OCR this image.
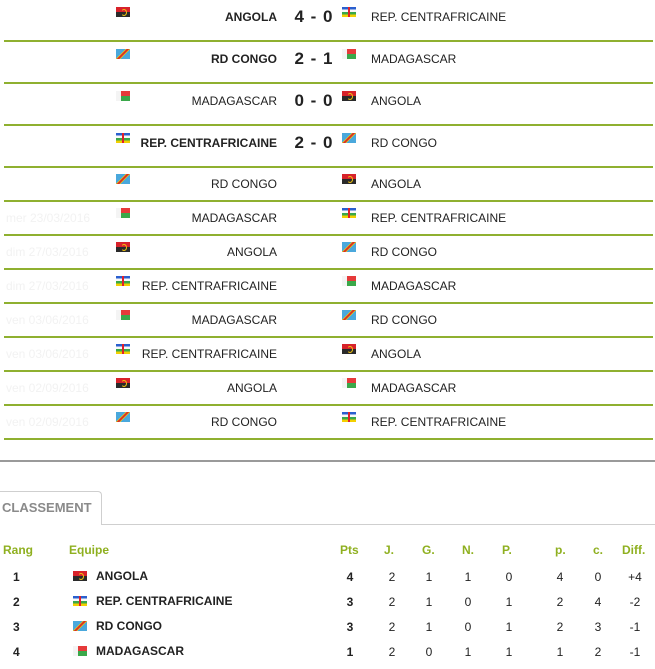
ANGOLA 4 - 0	REP. CENTRAFRICAINE
RD CONGO 2 - 1	MADAGASCAR
MADAGASCAR 0 - 0	ANGOLA
REP. CENTRAFRICAINE 2 - 0	RD CONGO
RD CONGO	ANGOLA
mer 23/03/2016	MADAGASCAR	REP. CENTRAFRICAINE
dim 27/03/2016	ANGOLA	RD CONGO
dim 27/03/2016	REP. CENTRAFRICAINE	MADAGASCAR
ven 03/06/2016	MADAGASCAR	RD CONGO
ven 03/06/2016	REP. CENTRAFRICAINE	ANGOLA
ven 02/09/2016	ANGOLA	MADAGASCAR
ven 02/09/2016	RD CONGO	REP. CENTRAFRICAINE
CLASSEMENT
Rang	Equipe	Pts J. G. N. P.	p. c. Diff.
1	ANGOLA	4	2	1	1	0	4	0	+4
2	REP. CENTRAFRICAINE	3	2	1	0	1	2	4	-2
3	RD CONGO	3	2	1	0	1	2	3	-1
4	MADAGASCAR	1	2	0	1	1	1	2	-1
